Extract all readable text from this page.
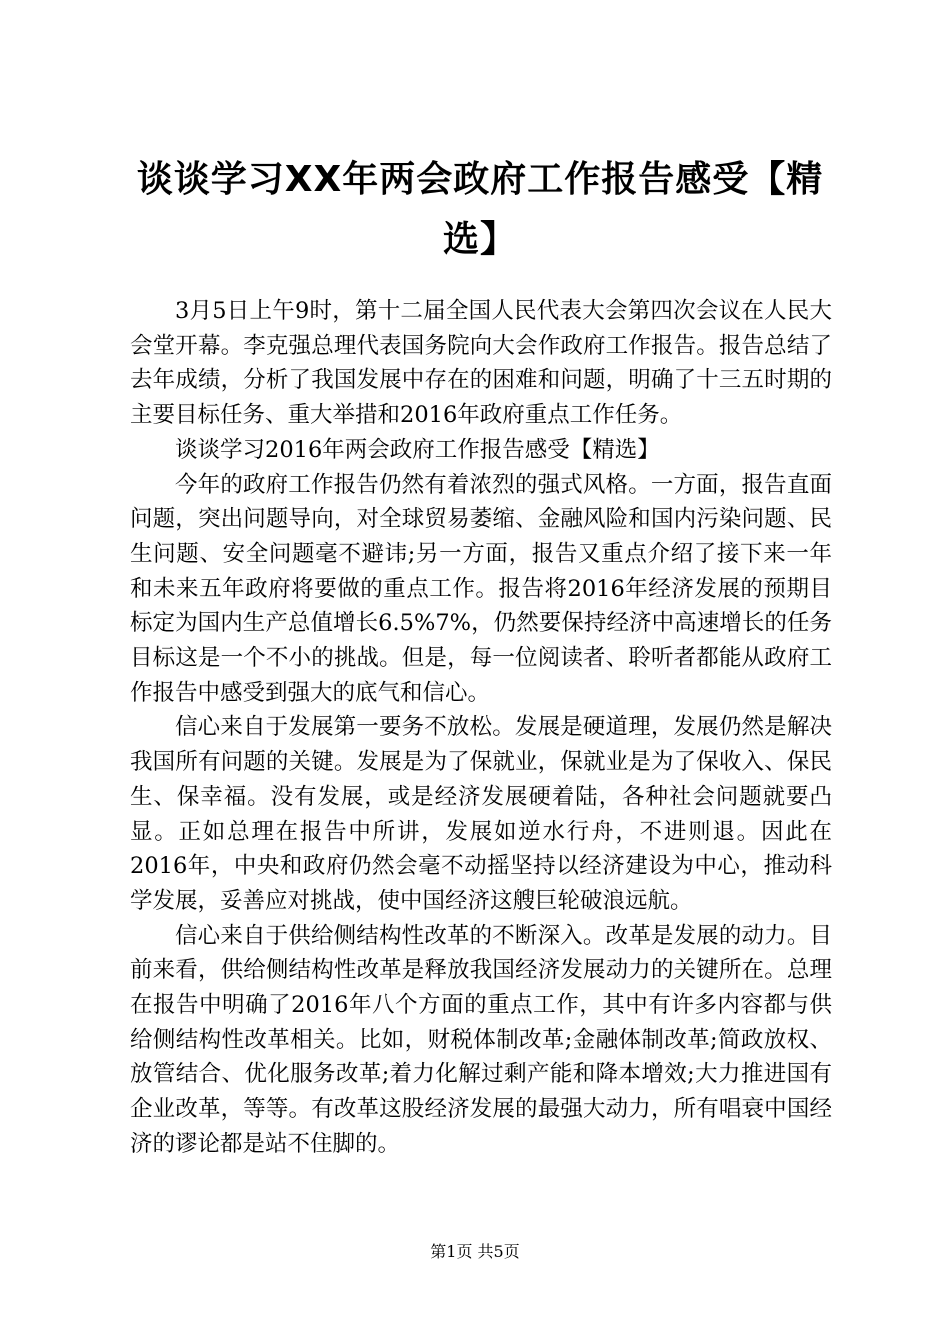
谈谈学习XX年两会政府工作报告感受【精选】

3月5日上午9时，第十二届全国人民代表大会第四次会议在人民大会堂开幕。李克强总理代表国务院向大会作政府工作报告。报告总结了去年成绩，分析了我国发展中存在的困难和问题，明确了十三五时期的主要目标任务、重大举措和2016年政府重点工作任务。

谈谈学习2016年两会政府工作报告感受【精选】

今年的政府工作报告仍然有着浓烈的强式风格。一方面，报告直面问题，突出问题导向，对全球贸易萎缩、金融风险和国内污染问题、民生问题、安全问题毫不避讳;另一方面，报告又重点介绍了接下来一年和未来五年政府将要做的重点工作。报告将2016年经济发展的预期目标定为国内生产总值增长6.5%7%，仍然要保持经济中高速增长的任务目标这是一个不小的挑战。但是，每一位阅读者、聆听者都能从政府工作报告中感受到强大的底气和信心。

信心来自于发展第一要务不放松。发展是硬道理，发展仍然是解决我国所有问题的关键。发展是为了保就业，保就业是为了保收入、保民生、保幸福。没有发展，或是经济发展硬着陆，各种社会问题就要凸显。正如总理在报告中所讲，发展如逆水行舟，不进则退。因此在2016年，中央和政府仍然会毫不动摇坚持以经济建设为中心，推动科学发展，妥善应对挑战，使中国经济这艘巨轮破浪远航。

信心来自于供给侧结构性改革的不断深入。改革是发展的动力。目前来看，供给侧结构性改革是释放我国经济发展动力的关键所在。总理在报告中明确了2016年八个方面的重点工作，其中有许多内容都与供给侧结构性改革相关。比如，财税体制改革;金融体制改革;简政放权、放管结合、优化服务改革;着力化解过剩产能和降本增效;大力推进国有企业改革，等等。有改革这股经济发展的最强大动力，所有唱衰中国经济的谬论都是站不住脚的。

第1页 共5页
